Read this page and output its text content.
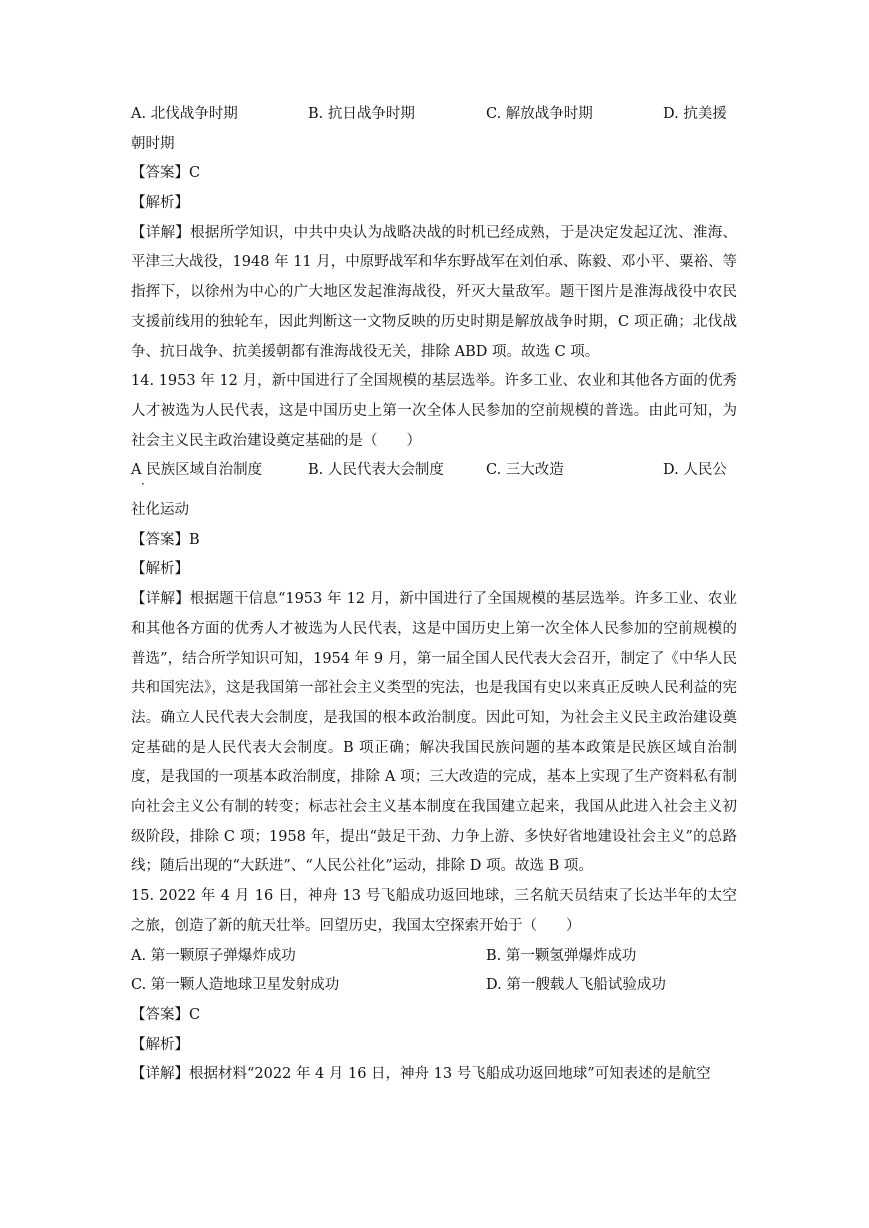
A. 北伐战争时期	B. 抗日战争时期	C. 解放战争时期	D. 抗美援
朝时期
【答案】C
【解析】
【详解】根据所学知识，中共中央认为战略决战的时机已经成熟，于是决定发起辽沈、淮海、平津三大战役，1948 年 11 月，中原野战军和华东野战军在刘伯承、陈毅、邓小平、粟裕、等指挥下，以徐州为中心的广大地区发起淮海战役，歼灭大量敌军。题干图片是淮海战役中农民支援前线用的独轮车，因此判断这一文物反映的历史时期是解放战争时期，C 项正确；北伐战争、抗日战争、抗美援朝都有淮海战役无关，排除 ABD 项。故选 C 项。
14. 1953 年 12 月，新中国进行了全国规模的基层选举。许多工业、农业和其他各方面的优秀人才被选为人民代表，这是中国历史上第一次全体人民参加的空前规模的普选。由此可知，为社会主义民主政治建设奠定基础的是（　　）
A 民族区域自治制度
·
B. 人民代表大会制度	C. 三大改造	D. 人民公
社化运动
【答案】B
【解析】
【详解】根据题干信息“1953 年 12 月，新中国进行了全国规模的基层选举。许多工业、农业和其他各方面的优秀人才被选为人民代表，这是中国历史上第一次全体人民参加的空前规模的普选”，结合所学知识可知，1954 年 9 月，第一届全国人民代表大会召开，制定了《中华人民共和国宪法》，这是我国第一部社会主义类型的宪法，也是我国有史以来真正反映人民利益的宪法。确立人民代表大会制度，是我国的根本政治制度。因此可知，为社会主义民主政治建设奠定基础的是人民代表大会制度。B 项正确；解决我国民族问题的基本政策是民族区域自治制度，是我国的一项基本政治制度，排除 A 项；三大改造的完成，基本上实现了生产资料私有制向社会主义公有制的转变；标志社会主义基本制度在我国建立起来，我国从此进入社会主义初级阶段，排除 C 项；1958 年，提出“鼓足干劲、力争上游、多快好省地建设社会主义”的总路线；随后出现的“大跃进”、“人民公社化”运动，排除 D 项。故选 B 项。
15. 2022 年 4 月 16 日，神舟 13 号飞船成功返回地球，三名航天员结束了长达半年的太空之旅，创造了新的航天壮举。回望历史，我国太空探索开始于（　　）
A. 第一颗原子弹爆炸成功	B. 第一颗氢弹爆炸成功
C. 第一颗人造地球卫星发射成功	D. 第一艘载人飞船试验成功
【答案】C
【解析】
【详解】根据材料“2022 年 4 月 16 日，神舟 13 号飞船成功返回地球”可知表述的是航空
